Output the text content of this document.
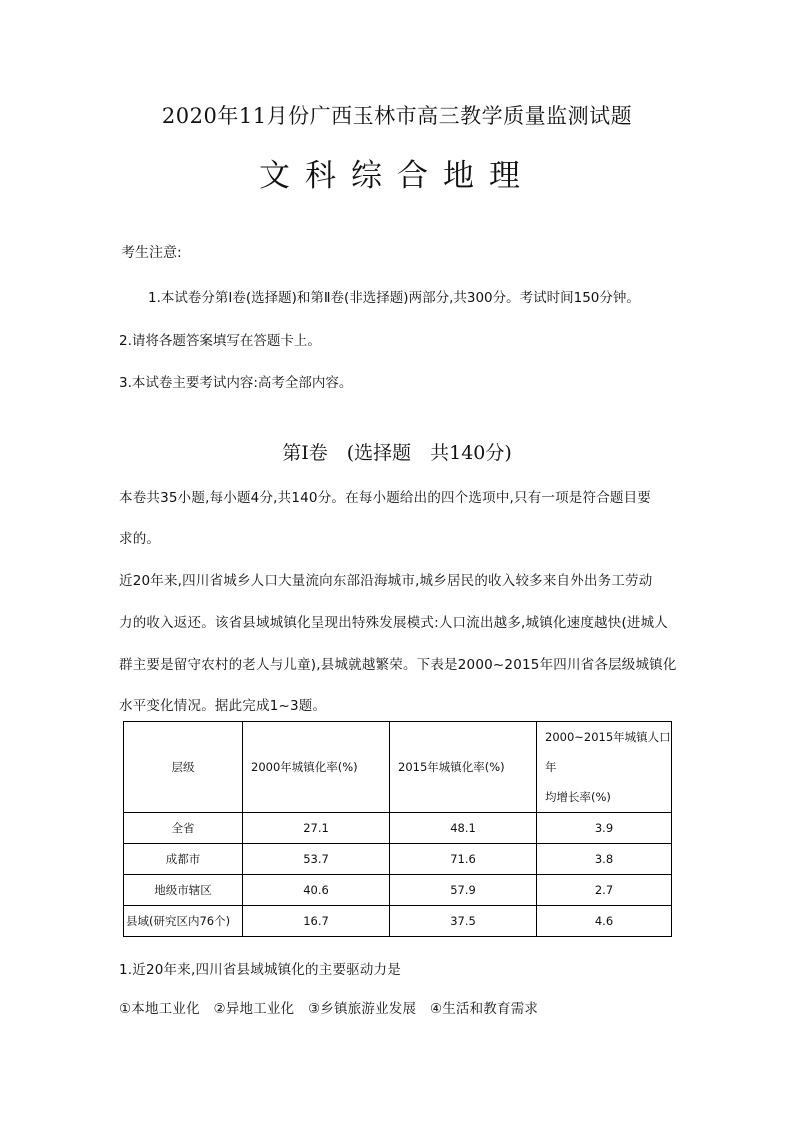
2020年11月份广西玉林市高三教学质量监测试题
文科综合地理
考生注意:
1.本试卷分第Ⅰ卷(选择题)和第Ⅱ卷(非选择题)两部分,共300分。考试时间150分钟。
2.请将各题答案填写在答题卡上。
3.本试卷主要考试内容:高考全部内容。
第Ⅰ卷　(选择题　共140分)
本卷共35小题,每小题4分,共140分。在每小题给出的四个选项中,只有一项是符合题目要
求的。
近20年来,四川省城乡人口大量流向东部沿海城市,城乡居民的收入较多来自外出务工劳动
力的收入返还。该省县域城镇化呈现出特殊发展模式:人口流出越多,城镇化速度越快(进城人
群主要是留守农村的老人与儿童),县城就越繁荣。下表是2000~2015年四川省各层级城镇化
水平变化情况。据此完成1~3题。
层级	2000年城镇化率(%)	2015年城镇化率(%)	2000~2015年城镇人口年
均增长率(%)

全省	27.1	48.1	3.9
成都市	53.7	71.6	3.8
地级市辖区	40.6	57.9	2.7
县域(研究区内76个)	16.7	37.5	4.6
1.近20年来,四川省县域城镇化的主要驱动力是
①本地工业化　②异地工业化　③乡镇旅游业发展　④生活和教育需求
